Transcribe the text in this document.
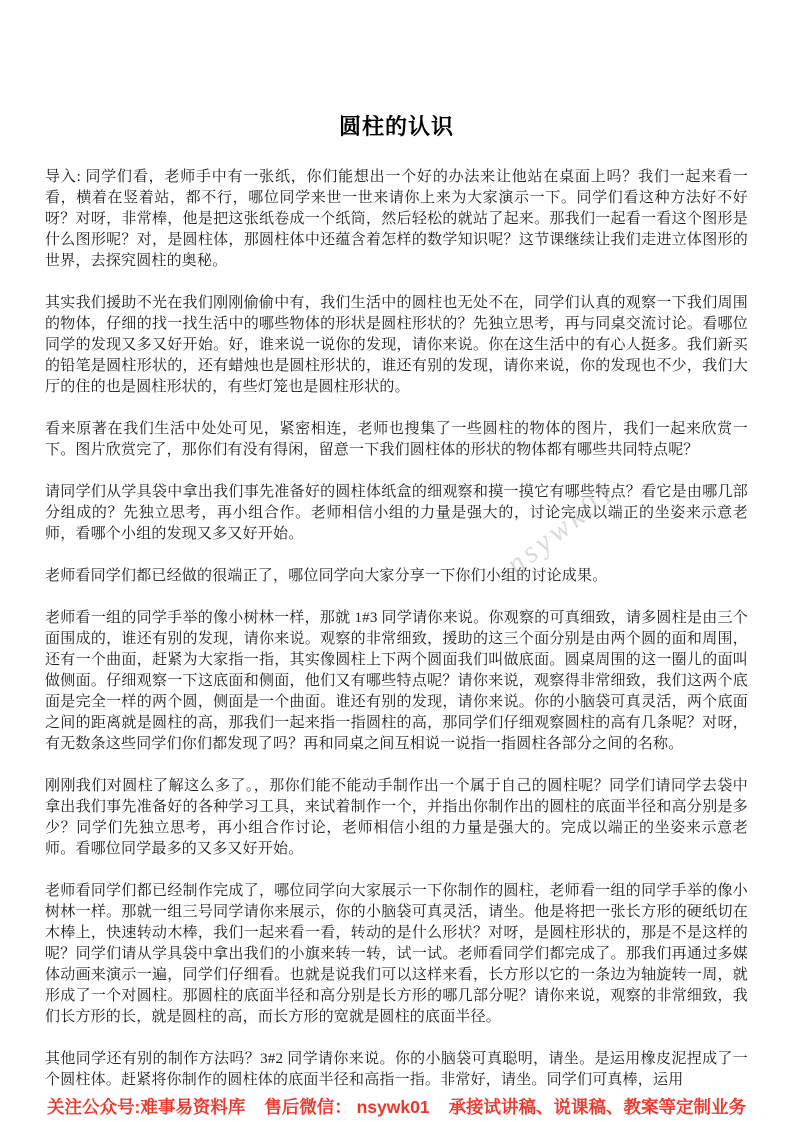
圆柱的认识
nsywk01

导入: 同学们看，老师手中有一张纸，你们能想出一个好的办法来让他站在桌面上吗？我们一起来看一看，横着在竖着站，都不行，哪位同学来世一世来请你上来为大家演示一下。同学们看这种方法好不好呀？对呀，非常棒，他是把这张纸卷成一个纸筒，然后轻松的就站了起来。那我们一起看一看这个图形是什么图形呢？对，是圆柱体，那圆柱体中还蕴含着怎样的数学知识呢？这节课继续让我们走进立体图形的世界，去探究圆柱的奥秘。

其实我们援助不光在我们刚刚偷偷中有，我们生活中的圆柱也无处不在，同学们认真的观察一下我们周围的物体，仔细的找一找生活中的哪些物体的形状是圆柱形状的？先独立思考，再与同桌交流讨论。看哪位同学的发现又多又好开始。好，谁来说一说你的发现，请你来说。你在这生活中的有心人挺多。我们新买的铅笔是圆柱形状的，还有蜡烛也是圆柱形状的，谁还有别的发现，请你来说，你的发现也不少，我们大厅的住的也是圆柱形状的，有些灯笼也是圆柱形状的。

看来原著在我们生活中处处可见，紧密相连，老师也搜集了一些圆柱的物体的图片，我们一起来欣赏一下。图片欣赏完了，那你们有没有得闲，留意一下我们圆柱体的形状的物体都有哪些共同特点呢？

请同学们从学具袋中拿出我们事先准备好的圆柱体纸盒的细观察和摸一摸它有哪些特点？看它是由哪几部分组成的？先独立思考，再小组合作。老师相信小组的力量是强大的，讨论完成以端正的坐姿来示意老师，看哪个小组的发现又多又好开始。

老师看同学们都已经做的很端正了，哪位同学向大家分享一下你们小组的讨论成果。

老师看一组的同学手举的像小树林一样，那就 1#3 同学请你来说。你观察的可真细致，请多圆柱是由三个面围成的，谁还有别的发现，请你来说。观察的非常细致，援助的这三个面分别是由两个圆的面和周围，还有一个曲面，赶紧为大家指一指，其实像圆柱上下两个圆面我们叫做底面。圆桌周围的这一圈儿的面叫做侧面。仔细观察一下这底面和侧面，他们又有哪些特点呢？请你来说，观察得非常细致，我们这两个底面是完全一样的两个圆，侧面是一个曲面。谁还有别的发现，请你来说。你的小脑袋可真灵活，两个底面之间的距离就是圆柱的高，那我们一起来指一指圆柱的高，那同学们仔细观察圆柱的高有几条呢？对呀，有无数条这些同学们你们都发现了吗？再和同桌之间互相说一说指一指圆柱各部分之间的名称。

刚刚我们对圆柱了解这么多了。，那你们能不能动手制作出一个属于自己的圆柱呢？同学们请同学去袋中拿出我们事先准备好的各种学习工具，来试着制作一个，并指出你制作出的圆柱的底面半径和高分别是多少？同学们先独立思考，再小组合作讨论，老师相信小组的力量是强大的。完成以端正的坐姿来示意老师。看哪位同学最多的又多又好开始。

老师看同学们都已经制作完成了，哪位同学向大家展示一下你制作的圆柱，老师看一组的同学手举的像小树林一样。那就一组三号同学请你来展示，你的小脑袋可真灵活，请坐。他是将把一张长方形的硬纸切在木棒上，快速转动木棒，我们一起来看一看，转动的是什么形状？对呀，是圆柱形状的，那是不是这样的呢？同学们请从学具袋中拿出我们的小旗来转一转，试一试。老师看同学们都完成了。那我们再通过多媒体动画来演示一遍，同学们仔细看。也就是说我们可以这样来看，长方形以它的一条边为轴旋转一周，就形成了一个对圆柱。那圆柱的底面半径和高分别是长方形的哪几部分呢？请你来说，观察的非常细致，我们长方形的长，就是圆柱的高，而长方形的宽就是圆柱的底面半径。

其他同学还有别的制作方法吗？3#2 同学请你来说。你的小脑袋可真聪明，请坐。是运用橡皮泥捏成了一个圆柱体。赶紧将你制作的圆柱体的底面半径和高指一指。非常好，请坐。同学们可真棒，运用

关注公众号:难事易资料库 售后微信： nsywk01 承接试讲稿、说课稿、教案等定制业务
